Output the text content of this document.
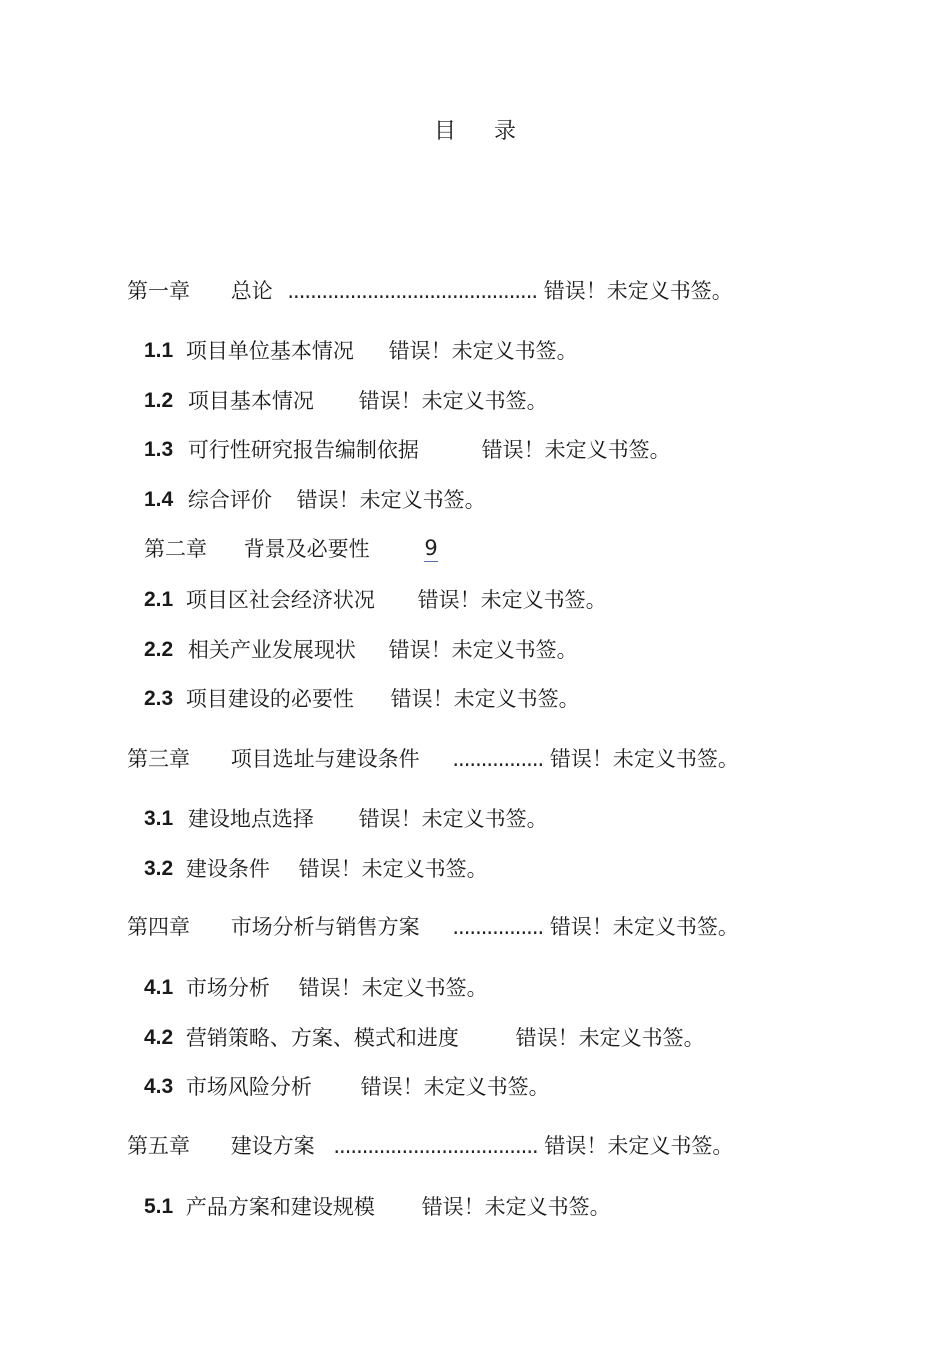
目 录
第一章 总论 ............................................ 错误！未定义书签。
1.1 项目单位基本情况 错误！未定义书签。
1.2 项目基本情况 错误！未定义书签。
1.3 可行性研究报告编制依据	错误！未定义书签。
1.4 综合评价 错误！未定义书签。
第二章 背景及必要性	9
2.1 项目区社会经济状况 错误！未定义书签。
2.2 相关产业发展现状 错误！未定义书签。
2.3 项目建设的必要性 错误！未定义书签。
第三章 项目选址与建设条件 ................ 错误！未定义书签。
3.1 建设地点选择 错误！未定义书签。
3.2 建设条件 错误！未定义书签。
第四章 市场分析与销售方案 ................ 错误！未定义书签。
4.1 市场分析 错误！未定义书签。
4.2 营销策略、方案、模式和进度	错误！未定义书签。
4.3 市场风险分析 错误！未定义书签。
第五章 建设方案 .................................... 错误！未定义书签。
5.1 产品方案和建设规模 错误！未定义书签。
